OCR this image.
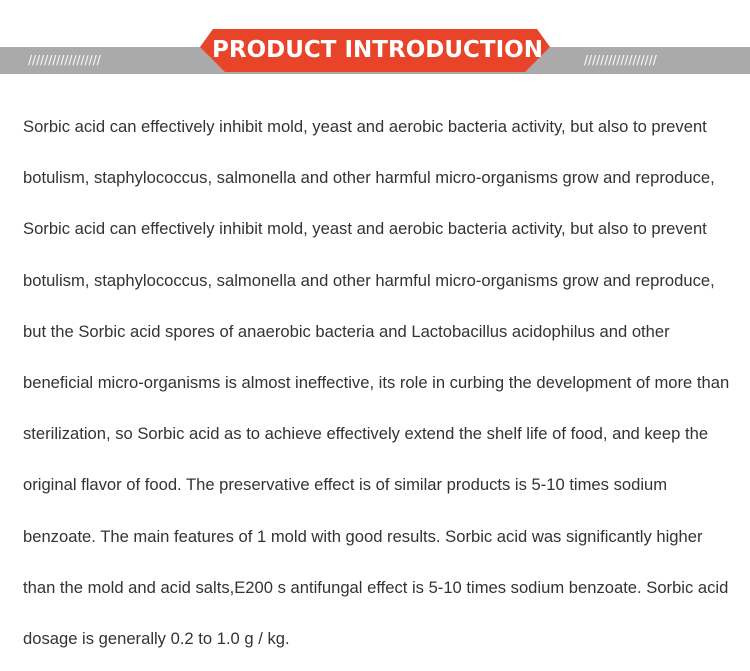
//////////////////	//////////////////
PRODUCT INTRODUCTION

Sorbic acid can effectively inhibit mold, yeast and aerobic bacteria activity, but also to prevent botulism, staphylococcus, salmonella and other harmful micro-organisms grow and reproduce, Sorbic acid can effectively inhibit mold, yeast and aerobic bacteria activity, but also to prevent botulism, staphylococcus, salmonella and other harmful micro-organisms grow and reproduce, but the Sorbic acid spores of anaerobic bacteria and Lactobacillus acidophilus and other beneficial micro-organisms is almost ineffective, its role in curbing the development of more than sterilization, so Sorbic acid as to achieve effectively extend the shelf life of food, and keep the original flavor of food. The preservative effect is of similar products is 5-10 times sodium benzoate. The main features of 1 mold with good results. Sorbic acid was significantly higher than the mold and acid salts,E200 s antifungal effect is 5-10 times sodium benzoate. Sorbic acid dosage is generally 0.2 to 1.0 g / kg.
